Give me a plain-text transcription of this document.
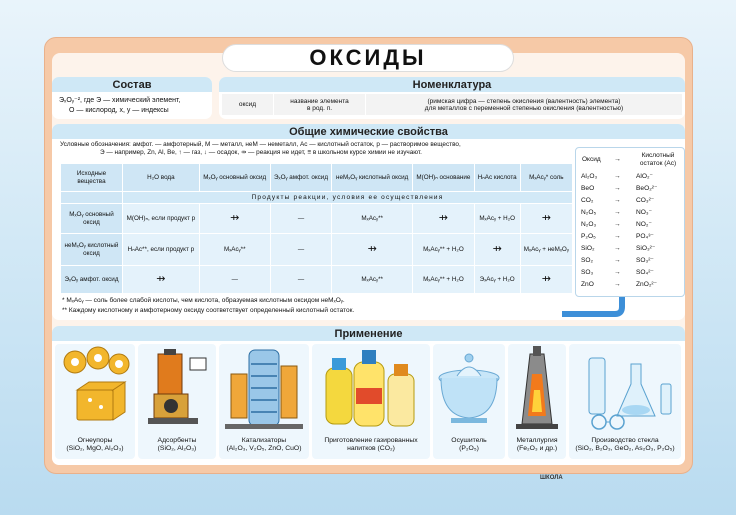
ОКСИДЫ
Состав
ЭₓOᵧ⁻², где Э — химический элемент,
O — кислород, x, y — индексы
Номенклатура
оксид	название элемента
в род. п.

(римская цифра — степень окисления (валентность) элемента)
для металлов с переменной степенью окисления (валентностью)
Общие химические свойства
Условные обозначения: амфот. — амфотерный, М — металл, неМ — неметалл, Ac — кислотный остаток, р — растворимое вещество,
Э — например, Zn, Al, Be, ↑ — газ, ↓ — осадок, ⇸ — реакция не идет, ≡ в школьном курсе химии не изучают.
Исходные вещества	H₂O вода	MₓOᵧ основный оксид	ЭₓOᵧ амфот. оксид	неMₓOᵧ кислотный оксид	M(OH)ₙ основание	HₙAc кислота	MₓAcᵧ* соль
	Продукты реакции, условия ее осуществления						
MₓOᵧ основный оксид	M(OH)ₙ, если продукт р	⇸	—	MₓAcᵧ**	⇸	MₓAcᵧ + H₂O	⇸
неMₓOᵧ кислотный оксид	HₙAc**, если продукт р	MₓAcᵧ**	—	⇸	MₓAcᵧ** + H₂O	⇸	MₓAcᵧ + неMₓOᵧ
ЭₓOᵧ амфот. оксид	⇸	—	—	MₓAcᵧ**	MₓAcᵧ** + H₂O	ЭₓAcᵧ + H₂O	⇸
* MₓAcᵧ — соль более слабой кислоты, чем кислота, образуемая кислотным оксидом неMₓOᵧ.
** Каждому кислотному и амфотерному оксиду соответствует определенный кислотный остаток.
Оксид →
Кислотный остаток (Ac)
Al₂O₃	→ AlO₂⁻
BeO	→ BeO₂²⁻
CO₂	→ CO₃²⁻
N₂O₅	→ NO₃⁻
N₂O₃	→ NO₂⁻
P₂O₅	→ PO₄³⁻
SiO₂	→ SiO₃²⁻
SO₂	→ SO₃²⁻
SO₃	→ SO₄²⁻
ZnO	→ ZnO₂²⁻
Применение
Огнеупоры
(SiO₂, MgO, Al₂O₃)
Адсорбенты
(SiO₂, Al₂O₃)
Катализаторы
(Al₂O₃, V₂O₅, ZnO, CuO)
Приготовление газированных
напитков (CO₂)
Осушитель
(P₂O₅)
Металлургия
(Fe₂O₃ и др.)
Производство стекла
(SiO₂, B₂O₃, GeO₂, As₂O₃, P₂O₅)
ШКОЛА
